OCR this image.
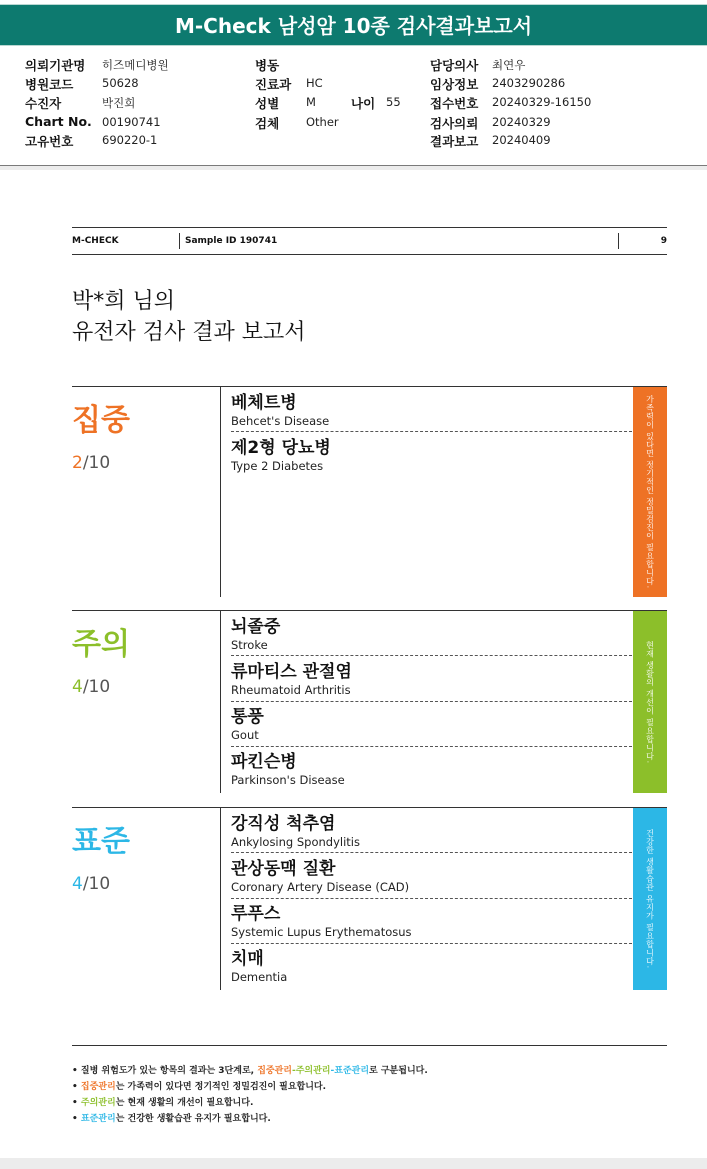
M-Check 남성암 10종 검사결과보고서
의뢰기관명 히즈메디병원
병원코드 50628
수진자	박진희
Chart No. 00190741
고유번호 690220-1
병동
진료과 HC
성별 M
검체 Other
나이 55
담당의사 최연우
임상정보 2403290286
접수번호 20240329-16150
검사의뢰 20240329
결과보고 20240409
M-CHECK	Sample ID 190741	9
박*희 님의
유전자 검사 결과 보고서
집중
2/10	가족력이 있다면 정기적인 정밀검진이 필요합니다.
베체트병
Behcet's Disease
제2형 당뇨병
Type 2 Diabetes
주의
4/10	현재 생활의 개선이 필요합니다.
뇌졸중
Stroke
류마티스 관절염
Rheumatoid Arthritis
통풍
Gout
파킨슨병
Parkinson's Disease
표준
4/10	건강한 생활습관 유지가 필요합니다.
강직성 척추염
Ankylosing Spondylitis
관상동맥 질환
Coronary Artery Disease (CAD)
루푸스
Systemic Lupus Erythematosus
치매
Dementia
• 질병 위험도가 있는 항목의 결과는 3단계로, 집중관리-주의관리-표준관리로 구분됩니다.
• 집중관리는 가족력이 있다면 정기적인 정밀검진이 필요합니다.
• 주의관리는 현재 생활의 개선이 필요합니다.
• 표준관리는 건강한 생활습관 유지가 필요합니다.
